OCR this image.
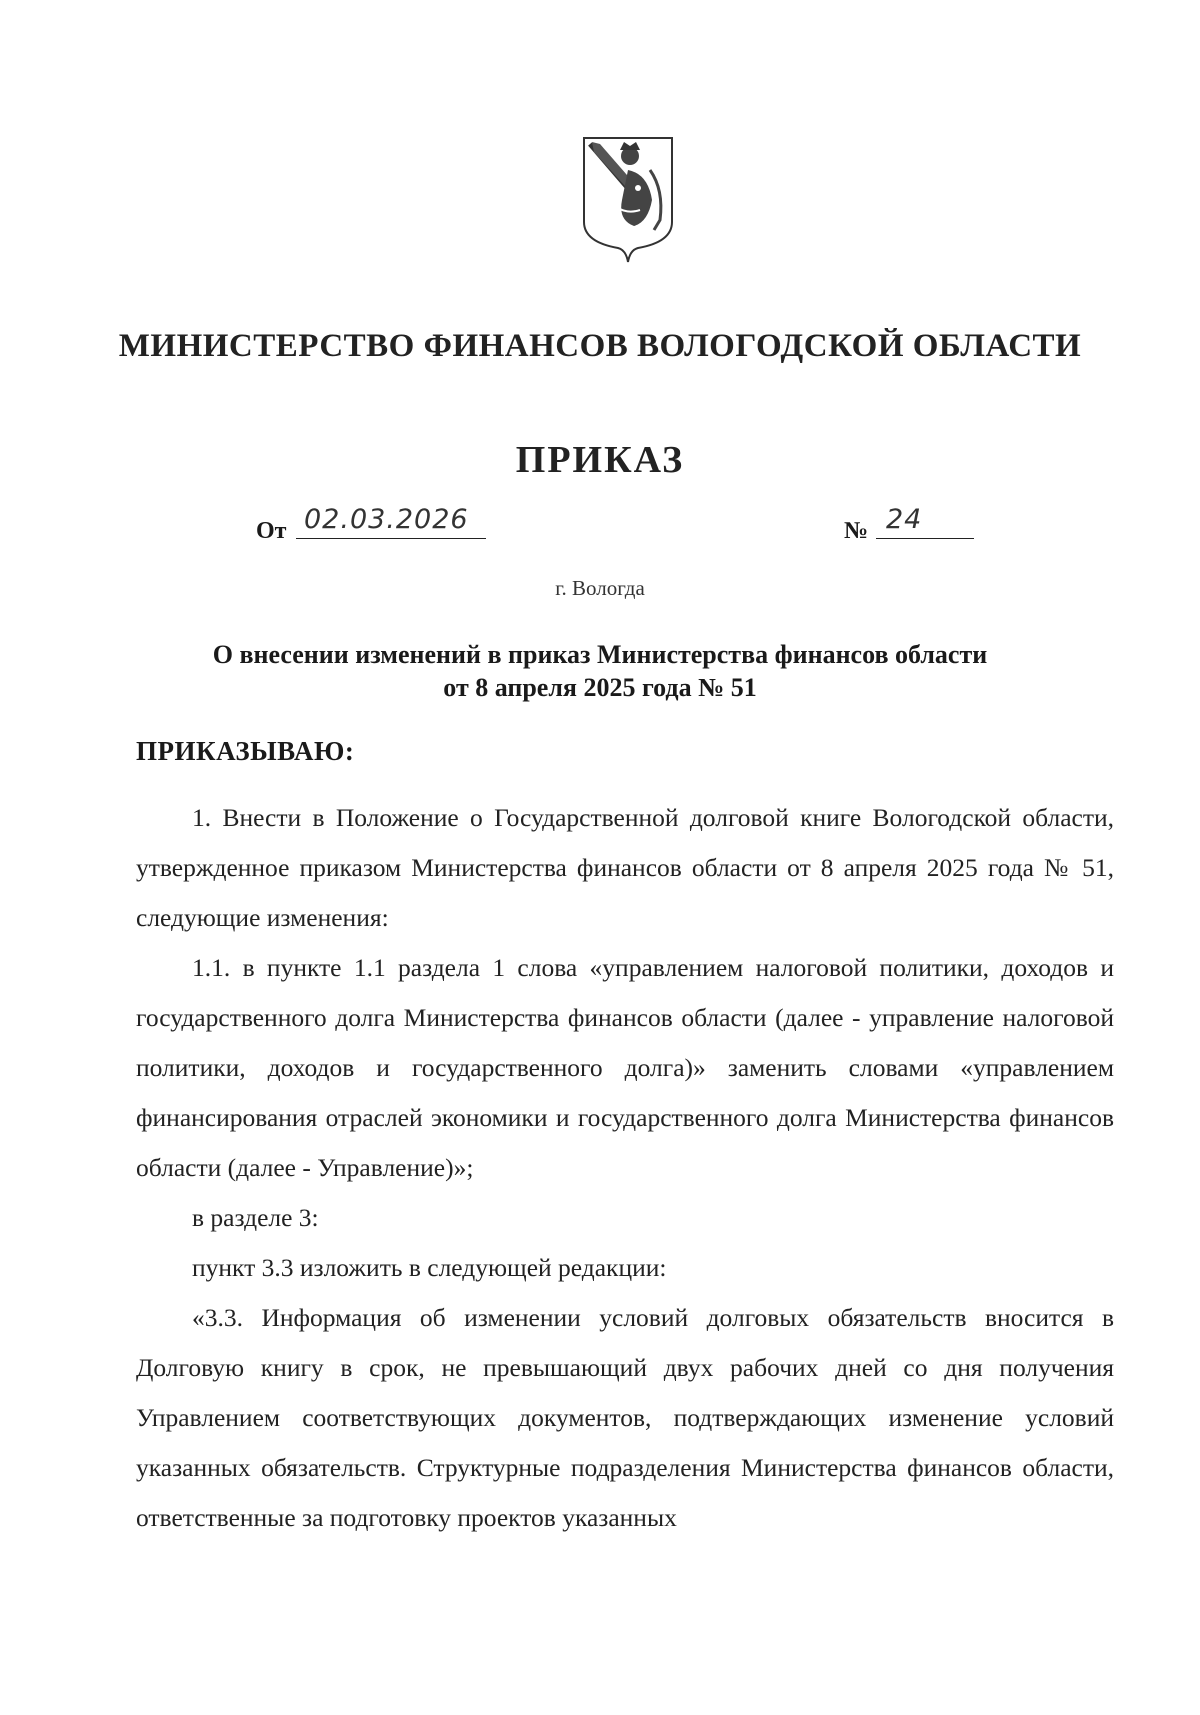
МИНИСТЕРСТВО ФИНАНСОВ ВОЛОГОДСКОЙ ОБЛАСТИ
ПРИКАЗ
От 02.03.2026	№ 24
г. Вологда
О внесении изменений в приказ Министерства финансов области
от 8 апреля 2025 года № 51
ПРИКАЗЫВАЮ:

1. Внести в Положение о Государственной долговой книге Вологодской области, утвержденное приказом Министерства финансов области от 8 апреля 2025 года № 51, следующие изменения:

1.1. в пункте 1.1 раздела 1 слова «управлением налоговой политики, доходов и государственного долга Министерства финансов области (далее - управление налоговой политики, доходов и государственного долга)» заменить словами «управлением финансирования отраслей экономики и государственного долга Министерства финансов области (далее - Управление)»;

в разделе 3:

пункт 3.3 изложить в следующей редакции:

«3.3. Информация об изменении условий долговых обязательств вносится в Долговую книгу в срок, не превышающий двух рабочих дней со дня получения Управлением соответствующих документов, подтверждающих изменение условий указанных обязательств. Структурные подразделения Министерства финансов области, ответственные за подготовку проектов указанных
